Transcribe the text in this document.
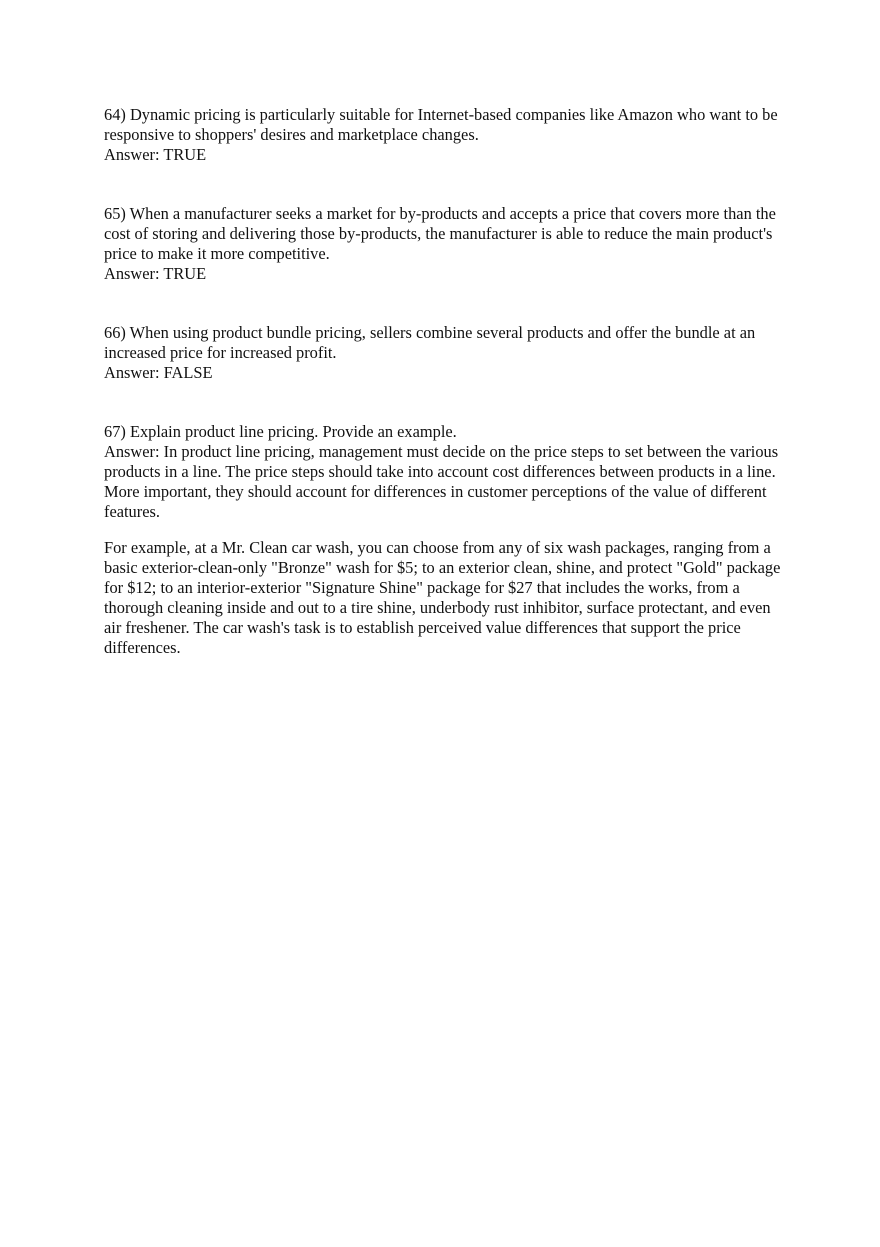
64) Dynamic pricing is particularly suitable for Internet-based companies like Amazon who want to be responsive to shoppers' desires and marketplace changes.

Answer: TRUE

65) When a manufacturer seeks a market for by-products and accepts a price that covers more than the cost of storing and delivering those by-products, the manufacturer is able to reduce the main product's price to make it more competitive.

Answer: TRUE

66) When using product bundle pricing, sellers combine several products and offer the bundle at an increased price for increased profit.

Answer: FALSE

67) Explain product line pricing. Provide an example.

Answer: In product line pricing, management must decide on the price steps to set between the various products in a line. The price steps should take into account cost differences between products in a line. More important, they should account for differences in customer perceptions of the value of different features.

For example, at a Mr. Clean car wash, you can choose from any of six wash packages, ranging from a basic exterior-clean-only "Bronze" wash for $5; to an exterior clean, shine, and protect "Gold" package for $12; to an interior-exterior "Signature Shine" package for $27 that includes the works, from a thorough cleaning inside and out to a tire shine, underbody rust inhibitor, surface protectant, and even air freshener. The car wash's task is to establish perceived value differences that support the price differences.
